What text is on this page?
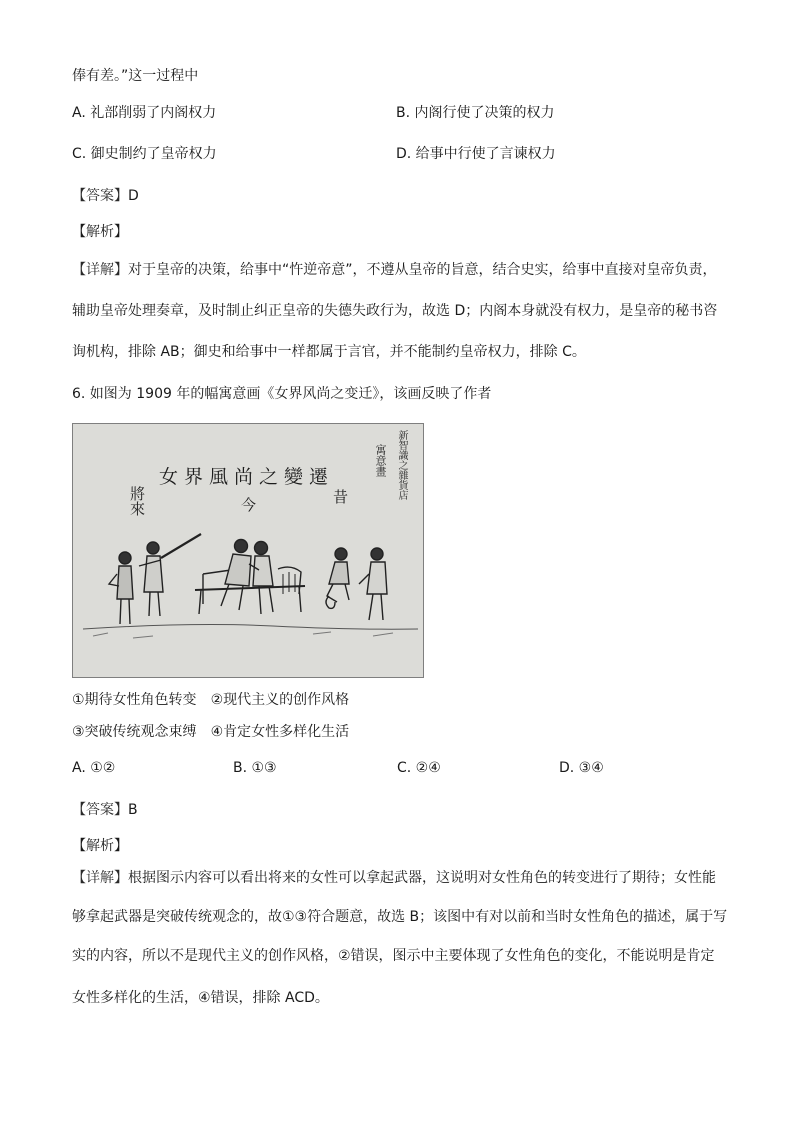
俸有差。”这一过程中
A. 礼部削弱了内阁权力	B. 内阁行使了决策的权力
C. 御史制约了皇帝权力	D. 给事中行使了言谏权力
【答案】D
【解析】
【详解】对于皇帝的决策，给事中“忤逆帝意”，不遵从皇帝的旨意，结合史实，给事中直接对皇帝负责，
辅助皇帝处理奏章，及时制止纠正皇帝的失德失政行为，故选 D；内阁本身就没有权力，是皇帝的秘书咨
询机构，排除 AB；御史和给事中一样都属于言官，并不能制约皇帝权力，排除 C。
6. 如图为 1909 年的幅寓意画《女界风尚之变迁》，该画反映了作者
女界風尚之變遷
將來	今	昔	新智識之雜貨店
寓意畫
①期待女性角色转变 ②现代主义的创作风格
③突破传统观念束缚 ④肯定女性多样化生活
A. ①②	B. ①③	C. ②④	D. ③④
【答案】B
【解析】
【详解】根据图示内容可以看出将来的女性可以拿起武器，这说明对女性角色的转变进行了期待；女性能
够拿起武器是突破传统观念的，故①③符合题意，故选 B；该图中有对以前和当时女性角色的描述，属于写
实的内容，所以不是现代主义的创作风格，②错误，图示中主要体现了女性角色的变化，不能说明是肯定
女性多样化的生活，④错误，排除 ACD。
